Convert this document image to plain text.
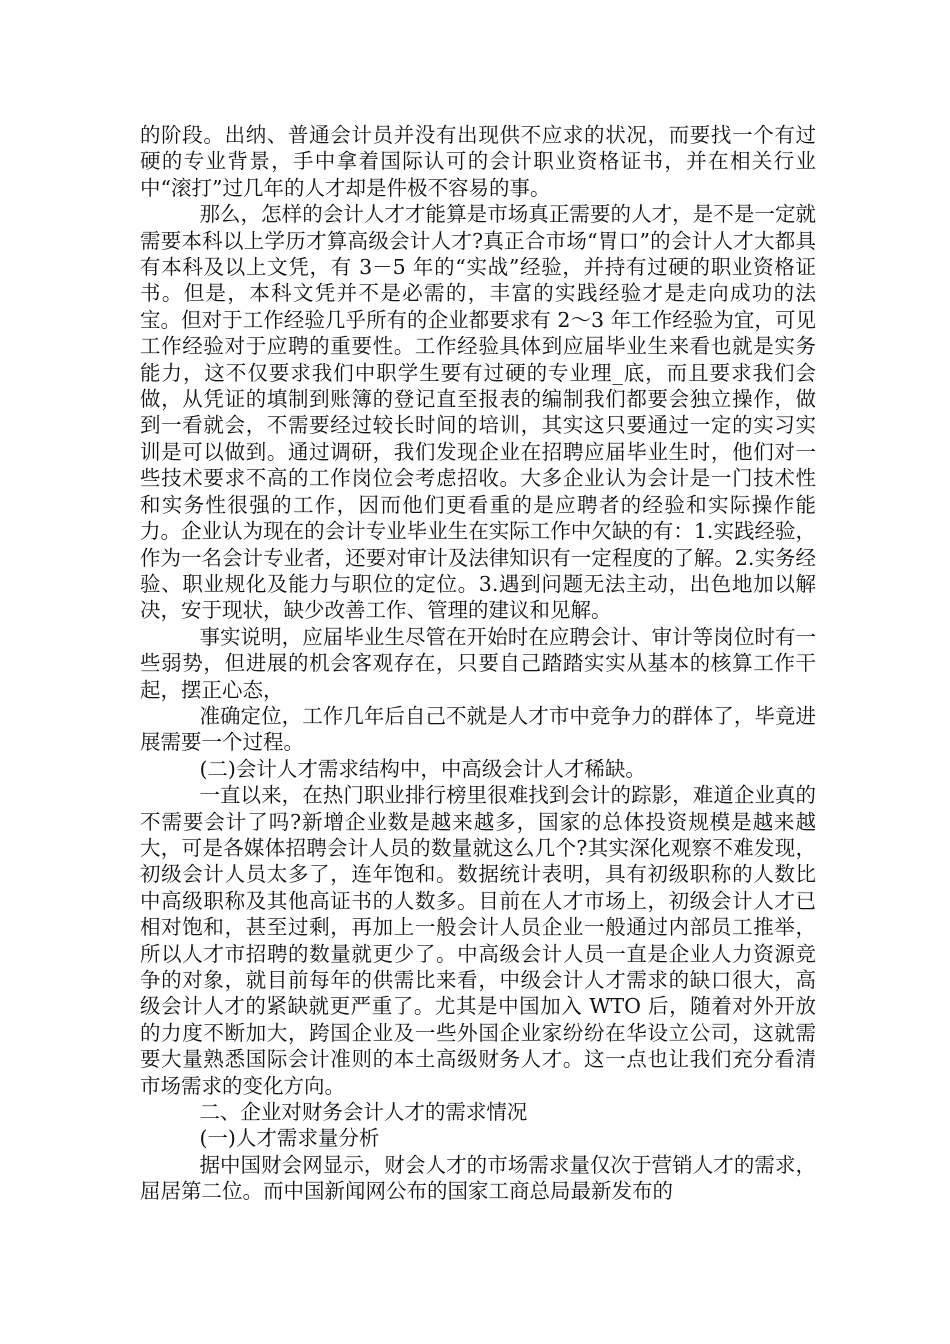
的阶段。出纳、普通会计员并没有出现供不应求的状况，而要找一个有过硬的专业背景，手中拿着国际认可的会计职业资格证书，并在相关行业中“滚打”过几年的人才却是件极不容易的事。

那么，怎样的会计人才才能算是市场真正需要的人才，是不是一定就需要本科以上学历才算高级会计人才?真正合市场“胃口”的会计人才大都具有本科及以上文凭，有 3－5 年的“实战”经验，并持有过硬的职业资格证书。但是，本科文凭并不是必需的，丰富的实践经验才是走向成功的法宝。但对于工作经验几乎所有的企业都要求有 2～3 年工作经验为宜，可见工作经验对于应聘的重要性。工作经验具体到应届毕业生来看也就是实务能力，这不仅要求我们中职学生要有过硬的专业理_底，而且要求我们会做，从凭证的填制到账簿的登记直至报表的编制我们都要会独立操作，做到一看就会，不需要经过较长时间的培训，其实这只要通过一定的实习实训是可以做到。通过调研，我们发现企业在招聘应届毕业生时，他们对一些技术要求不高的工作岗位会考虑招收。大多企业认为会计是一门技术性和实务性很强的工作，因而他们更看重的是应聘者的经验和实际操作能力。企业认为现在的会计专业毕业生在实际工作中欠缺的有：1.实践经验，作为一名会计专业者，还要对审计及法律知识有一定程度的了解。2.实务经验、职业规化及能力与职位的定位。3.遇到问题无法主动，出色地加以解决，安于现状，缺少改善工作、管理的建议和见解。

事实说明，应届毕业生尽管在开始时在应聘会计、审计等岗位时有一些弱势，但进展的机会客观存在，只要自己踏踏实实从基本的核算工作干起，摆正心态，

准确定位，工作几年后自己不就是人才市中竞争力的群体了，毕竟进展需要一个过程。

(二)会计人才需求结构中，中高级会计人才稀缺。

一直以来，在热门职业排行榜里很难找到会计的踪影，难道企业真的不需要会计了吗?新增企业数是越来越多，国家的总体投资规模是越来越大，可是各媒体招聘会计人员的数量就这么几个?其实深化观察不难发现，初级会计人员太多了，连年饱和。数据统计表明，具有初级职称的人数比中高级职称及其他高证书的人数多。目前在人才市场上，初级会计人才已相对饱和，甚至过剩，再加上一般会计人员企业一般通过内部员工推举，所以人才市招聘的数量就更少了。中高级会计人员一直是企业人力资源竞争的对象，就目前每年的供需比来看，中级会计人才需求的缺口很大，高级会计人才的紧缺就更严重了。尤其是中国加入 WTO 后，随着对外开放的力度不断加大，跨国企业及一些外国企业家纷纷在华设立公司，这就需要大量熟悉国际会计准则的本土高级财务人才。这一点也让我们充分看清市场需求的变化方向。

二、企业对财务会计人才的需求情况

(一)人才需求量分析

据中国财会网显示，财会人才的市场需求量仅次于营销人才的需求，屈居第二位。而中国新闻网公布的国家工商总局最新发布的
